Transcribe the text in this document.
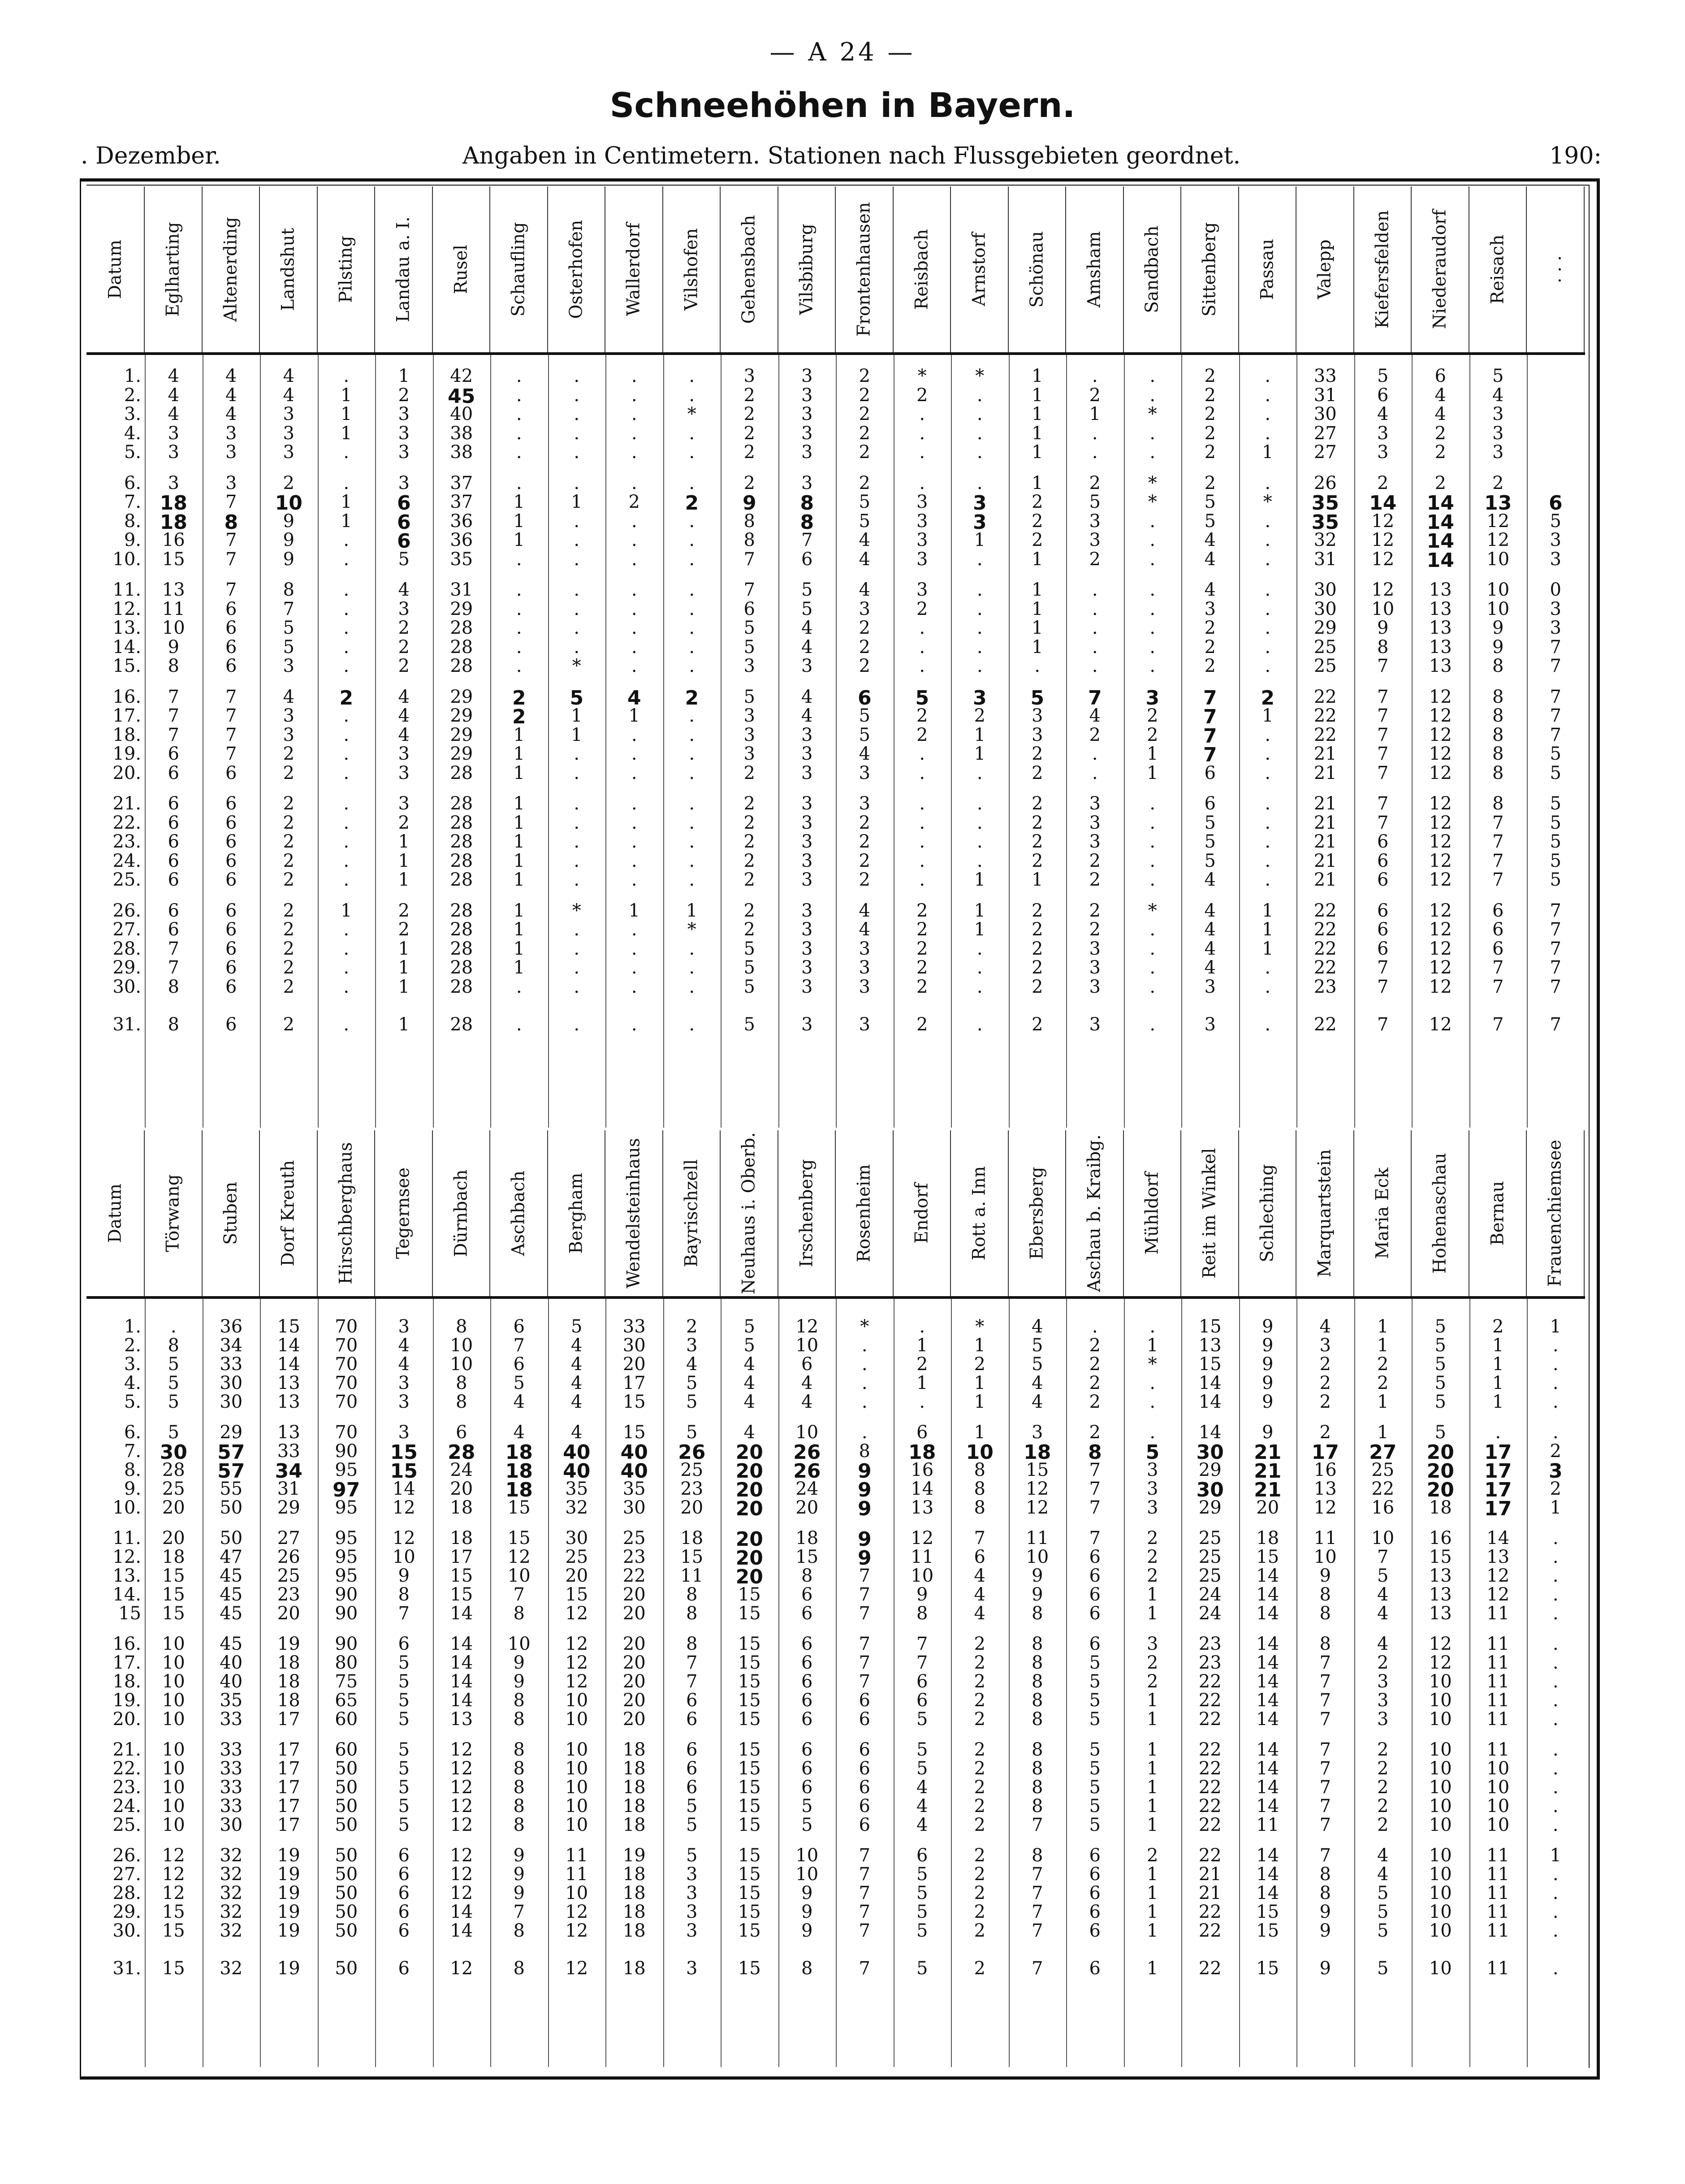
— A 24 —
Schneehöhen in Bayern.
. Dezember.	Angaben in Centimetern. Stationen nach Flussgebieten geordnet.	190:
Datum Eglharting Altenerding Landshut Pilsting Landau a. I. Rusel Schaufling Osterhofen Wallerdorf Vilshofen Gehensbach Vilsbiburg Frontenhausen Reisbach Arnstorf Schönau Amsham Sandbach Sittenberg Passau Valepp Kiefersfelden Niederaudorf Reisach . . .
1.	4	4	4	.	1	42	.	.	.	.	3	3	2	*	*	1	.	.	2	.	33	5	6	5
2.	4	4	4	1	2	45	.	.	.	.	2	3	2	2	.	1	2	.	2	.	31	6	4	4
3.	4	4	3	1	3	40	.	.	.	*	2	3	2	.	.	1	1	*	2	.	30	4	4	3
4.	3	3	3	1	3	38	.	.	.	.	2	3	2	.	.	1	.	.	2	.	27	3	2	3
5.	3	3	3	.	3	38	.	.	.	.	2	3	2	.	.	1	.	.	2	1	27	3	2	3
6.	3	3	2	.	3	37	.	.	.	.	2	3	2	.	.	1	2	*	2	.	26	2	2	2
7. 18	7	10	1	6	37	1	1	2	2	9	8	5	3	3	2	5	*	5	*	35	14	14	13	6
8. 18	8	9	1	6	36	1	.	.	.	8	8	5	3	3	2	3	.	5	.	35	12	14	12	5
9.	16	7	9	.	6	36	1	.	.	.	8	7	4	3	1	2	3	.	4	.	32	12	14	12	3
10.	15	7	9	.	5	35	.	.	.	.	7	6	4	3	.	1	2	.	4	.	31	12	14	10	3
11.	13	7	8	.	4	31	.	.	.	.	7	5	4	3	.	1	.	.	4	.	30	12	13	10	0
12.	11	6	7	.	3	29	.	.	.	.	6	5	3	2	.	1	.	.	3	.	30	10	13	10	3
13.	10	6	5	.	2	28	.	.	.	.	5	4	2	.	.	1	.	.	2	.	29	9	13	9	3
14.	9	6	5	.	2	28	.	.	.	.	5	4	2	.	.	1	.	.	2	.	25	8	13	9	7
15.	8	6	3	.	2	28	.	*	.	.	3	3	2	.	.	.	.	.	2	.	25	7	13	8	7
16.	7	7	4	2	4	29	2	5	4	2	5	4	6	5	3	5	7	3	7	2	22	7	12	8	7
17.	7	7	3	.	4	29	2	1	1	.	3	4	5	2	2	3	4	2	7	1	22	7	12	8	7
18.	7	7	3	.	4	29	1	1	.	.	3	3	5	2	1	3	2	2	7	.	22	7	12	8	7
19.	6	7	2	.	3	29	1	.	.	.	3	3	4	.	1	2	.	1	7	.	21	7	12	8	5
20.	6	6	2	.	3	28	1	.	.	.	2	3	3	.	.	2	.	1	6	.	21	7	12	8	5
21.	6	6	2	.	3	28	1	.	.	.	2	3	3	.	.	2	3	.	6	.	21	7	12	8	5
22.	6	6	2	.	2	28	1	.	.	.	2	3	2	.	.	2	3	.	5	.	21	7	12	7	5
23.	6	6	2	.	1	28	1	.	.	.	2	3	2	.	.	2	3	.	5	.	21	6	12	7	5
24.	6	6	2	.	1	28	1	.	.	.	2	3	2	.	.	2	2	.	5	.	21	6	12	7	5
25.	6	6	2	.	1	28	1	.	.	.	2	3	2	.	1	1	2	.	4	.	21	6	12	7	5
26.	6	6	2	1	2	28	1	*	1	1	2	3	4	2	1	2	2	*	4	1	22	6	12	6	7
27.	6	6	2	.	2	28	1	.	.	*	2	3	4	2	1	2	2	.	4	1	22	6	12	6	7
28.	7	6	2	.	1	28	1	.	.	.	5	3	3	2	.	2	3	.	4	1	22	6	12	6	7
29.	7	6	2	.	1	28	1	.	.	.	5	3	3	2	.	2	3	.	4	.	22	7	12	7	7
30.	8	6	2	.	1	28	.	.	.	.	5	3	3	2	.	2	3	.	3	.	23	7	12	7	7
31.	8	6	2	.	1	28	.	.	.	.	5	3	3	2	.	2	3	.	3	.	22	7	12	7	7
Datum Törwang Stuben Dorf Kreuth Hirschberghaus Tegernsee Dürnbach Aschbach Bergham Wendelsteinhaus Bayrischzell Neuhaus i. Oberb. Irschenberg Rosenheim Endorf Rott a. Inn Ebersberg Aschau b. Kraibg. Mühldorf Reit im Winkel Schleching Marquartstein Maria Eck Hohenaschau Bernau Frauenchiemsee
1.	.	36	15	70	3	8	6	5	33	2	5	12	*	.	*	4	.	.	15	9	4	1	5	2	1
2.	8	34	14	70	4	10	7	4	30	3	5	10	.	1	1	5	2	1	13	9	3	1	5	1	.
3.	5	33	14	70	4	10	6	4	20	4	4	6	.	2	2	5	2	*	15	9	2	2	5	1	.
4.	5	30	13	70	3	8	5	4	17	5	4	4	.	1	1	4	2	.	14	9	2	2	5	1	.
5.	5	30	13	70	3	8	4	4	15	5	4	4	.	.	1	4	2	.	14	9	2	1	5	1	.
6.	5	29	13	70	3	6	4	4	15	5	4	10	.	6	1	3	2	.	14	9	2	1	5	.	.
7. 30	57	33	90	15	28	18	40	40	26	20	26	8	18	10	18	8	5	30	21	17	27	20	17	2
8.	28	57	34	95	15	24	18	40	40	25	20	26	9	16	8	15	7	3	29	21	16	25	20	17	3
9.	25	55	31	97	14	20	18	35	35	23	20	24	9	14	8	12	7	3	30	21	13	22	20	17	2
10.	20	50	29	95	12	18	15	32	30	20	20	20	9	13	8	12	7	3	29	20	12	16	18	17	1
11.	20	50	27	95	12	18	15	30	25	18	20	18	9	12	7	11	7	2	25	18	11	10	16	14	.
12.	18	47	26	95	10	17	12	25	23	15	20	15	9	11	6	10	6	2	25	15	10	7	15	13	.
13.	15	45	25	95	9	15	10	20	22	11	20	8	7	10	4	9	6	2	25	14	9	5	13	12	.
14.	15	45	23	90	8	15	7	15	20	8	15	6	7	9	4	9	6	1	24	14	8	4	13	12	.
15	15	45	20	90	7	14	8	12	20	8	15	6	7	8	4	8	6	1	24	14	8	4	13	11	.
16.	10	45	19	90	6	14	10	12	20	8	15	6	7	7	2	8	6	3	23	14	8	4	12	11	.
17.	10	40	18	80	5	14	9	12	20	7	15	6	7	7	2	8	5	2	23	14	7	2	12	11	.
18.	10	40	18	75	5	14	9	12	20	7	15	6	7	6	2	8	5	2	22	14	7	3	10	11	.
19.	10	35	18	65	5	14	8	10	20	6	15	6	6	6	2	8	5	1	22	14	7	3	10	11	.
20.	10	33	17	60	5	13	8	10	20	6	15	6	6	5	2	8	5	1	22	14	7	3	10	11	.
21.	10	33	17	60	5	12	8	10	18	6	15	6	6	5	2	8	5	1	22	14	7	2	10	11	.
22.	10	33	17	50	5	12	8	10	18	6	15	6	6	5	2	8	5	1	22	14	7	2	10	10	.
23.	10	33	17	50	5	12	8	10	18	6	15	6	6	4	2	8	5	1	22	14	7	2	10	10	.
24.	10	33	17	50	5	12	8	10	18	5	15	5	6	4	2	8	5	1	22	14	7	2	10	10	.
25.	10	30	17	50	5	12	8	10	18	5	15	5	6	4	2	7	5	1	22	11	7	2	10	10	.
26.	12	32	19	50	6	12	9	11	19	5	15	10	7	6	2	8	6	2	22	14	7	4	10	11	1
27.	12	32	19	50	6	12	9	11	18	3	15	10	7	5	2	7	6	1	21	14	8	4	10	11	.
28.	12	32	19	50	6	12	9	10	18	3	15	9	7	5	2	7	6	1	21	14	8	5	10	11	.
29.	15	32	19	50	6	14	7	12	18	3	15	9	7	5	2	7	6	1	22	15	9	5	10	11	.
30.	15	32	19	50	6	14	8	12	18	3	15	9	7	5	2	7	6	1	22	15	9	5	10	11	.
31.	15	32	19	50	6	12	8	12	18	3	15	8	7	5	2	7	6	1	22	15	9	5	10	11	.
